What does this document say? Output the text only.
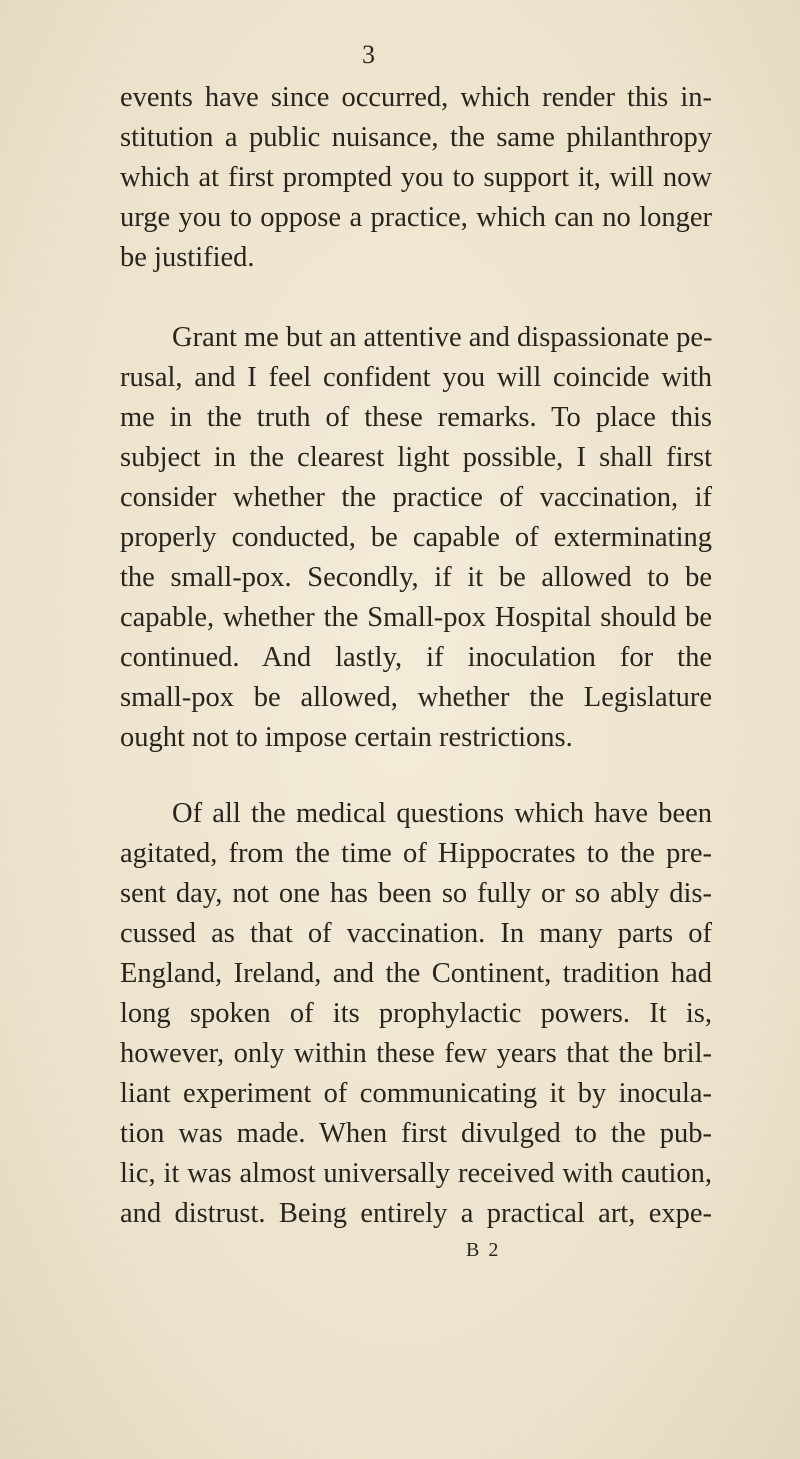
3
events have since occurred, which render this in-
stitution a public nuisance, the same philanthropy
which at first prompted you to support it, will now
urge you to oppose a practice, which can no longer
be justified.
Grant me but an attentive and dispassionate pe-
rusal, and I feel confident you will coincide with
me in the truth of these remarks. To place this
subject in the clearest light possible, I shall first
consider whether the practice of vaccination, if
properly conducted, be capable of exterminating
the small-pox. Secondly, if it be allowed to be
capable, whether the Small-pox Hospital should be
continued. And lastly, if inoculation for the
small-pox be allowed, whether the Legislature
ought not to impose certain restrictions.
Of all the medical questions which have been
agitated, from the time of Hippocrates to the pre-
sent day, not one has been so fully or so ably dis-
cussed as that of vaccination. In many parts of
England, Ireland, and the Continent, tradition had
long spoken of its prophylactic powers. It is,
however, only within these few years that the bril-
liant experiment of communicating it by inocula-
tion was made. When first divulged to the pub-
lic, it was almost universally received with caution,
and distrust. Being entirely a practical art, expe-
B 2
